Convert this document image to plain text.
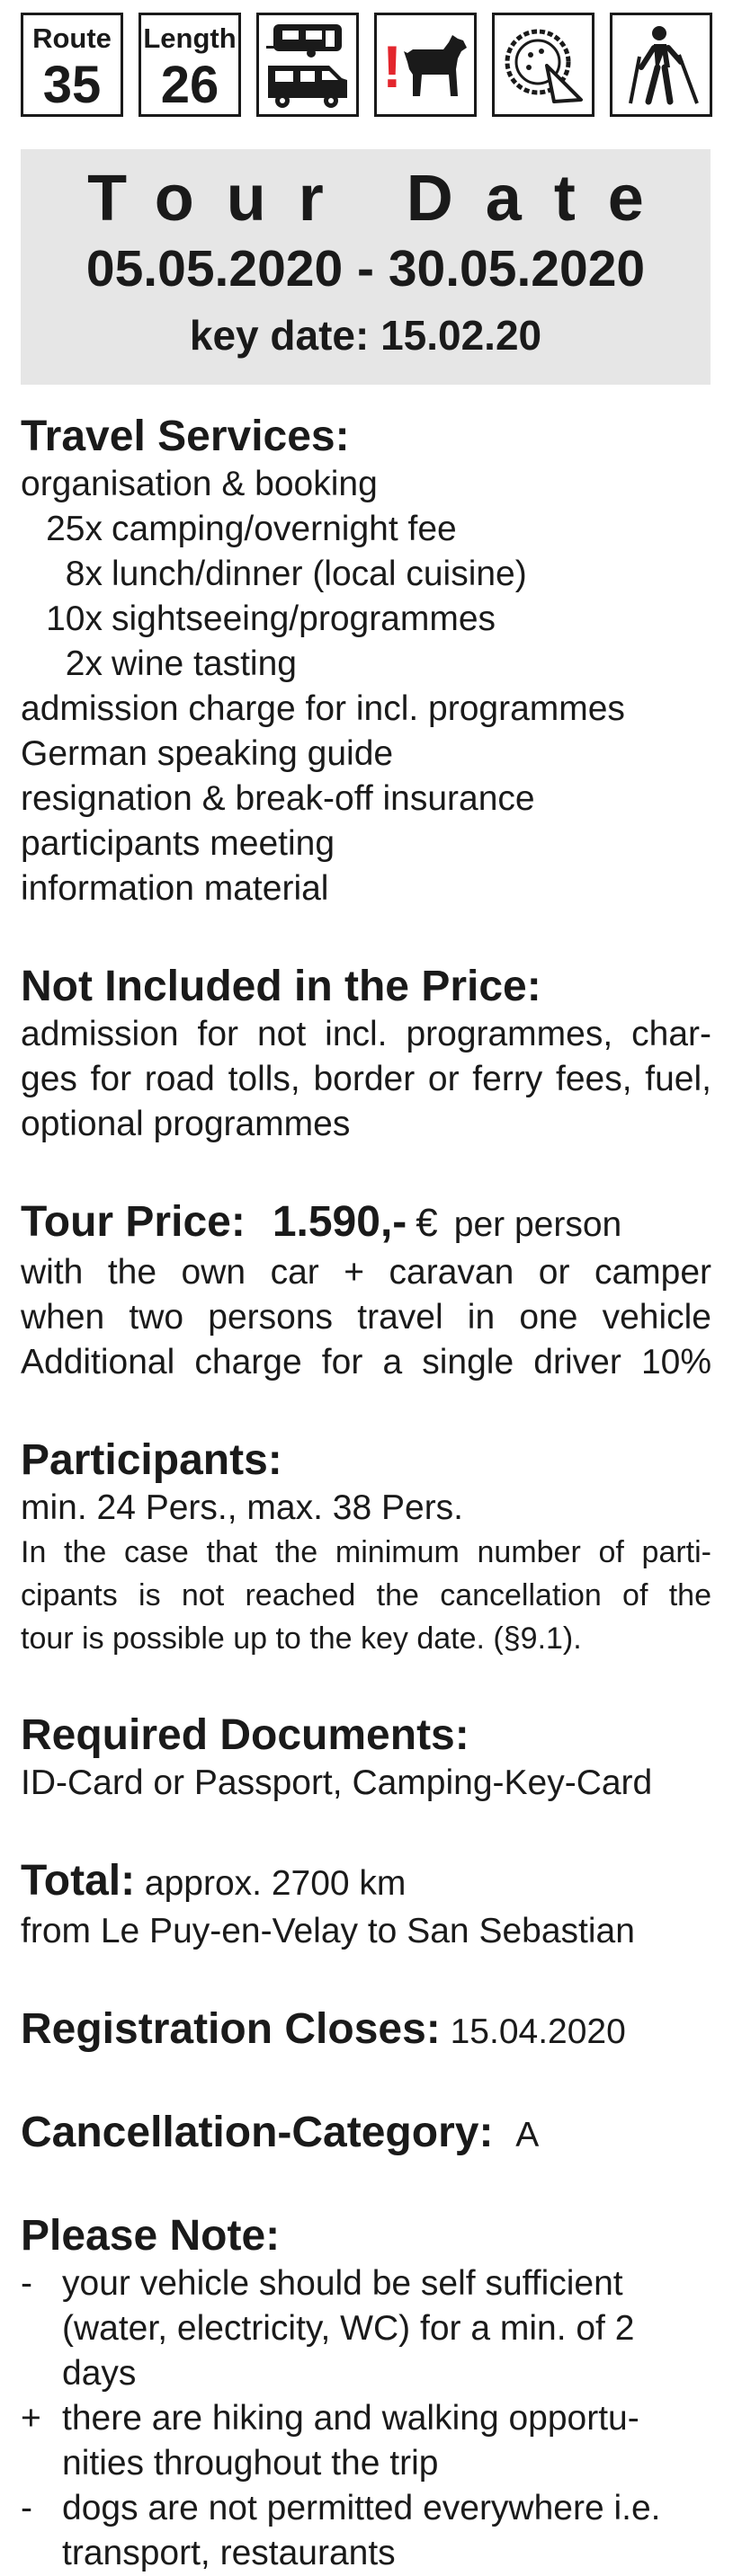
Route
35
Length
26	!
Tour Date
05.05.2020 - 30.05.2020
key date: 15.02.20

Travel Services:

organisation & booking

25x camping/overnight fee
8x lunch/dinner (local cuisine)
10x sightseeing/programmes
2x wine tasting

admission charge for incl. programmes

German speaking guide

resignation & break-off insurance

participants meeting

information material

Not Included in the Price:

admission for not incl. programmes, char-

ges for road tolls, border or ferry fees, fuel,

optional programmes

Tour Price: 1.590,- € per person

with the own car + caravan or camper

when two persons travel in one vehicle

Additional charge for a single driver 10%

Participants:

min. 24 Pers., max. 38 Pers.

In the case that the minimum number of parti-

cipants is not reached the cancellation of the

tour is possible up to the key date. (§9.1).

Required Documents:

ID-Card or Passport, Camping-Key-Card

Total: approx. 2700 km

from Le Puy-en-Velay to San Sebastian

Registration Closes: 15.04.2020

Cancellation-Category: A

Please Note:

- your vehicle should be self sufficient
(water, electricity, WC) for a min. of 2
days
+ there are hiking and walking opportu-
nities throughout the trip
- dogs are not permitted everywhere i.e.
transport, restaurants
